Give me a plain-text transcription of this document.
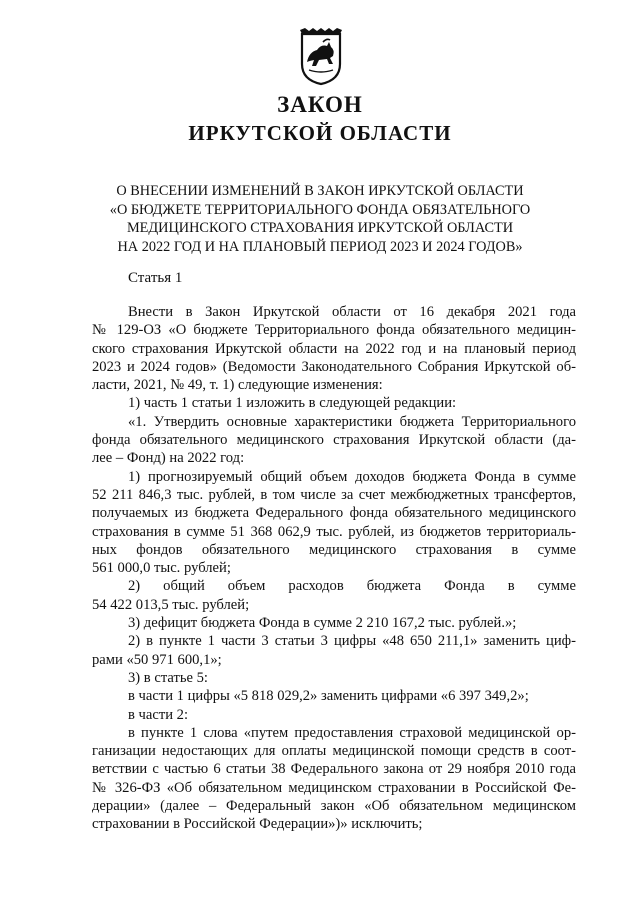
ЗАКОН
ИРКУТСКОЙ ОБЛАСТИ
О ВНЕСЕНИИ ИЗМЕНЕНИЙ В ЗАКОН ИРКУТСКОЙ ОБЛАСТИ
«О БЮДЖЕТЕ ТЕРРИТОРИАЛЬНОГО ФОНДА ОБЯЗАТЕЛЬНОГО
МЕДИЦИНСКОГО СТРАХОВАНИЯ ИРКУТСКОЙ ОБЛАСТИ
НА 2022 ГОД И НА ПЛАНОВЫЙ ПЕРИОД 2023 И 2024 ГОДОВ»
Статья 1
Внести в Закон Иркутской области от 16 декабря 2021 года
№ 129-ОЗ «О бюджете Территориального фонда обязательного медицин-
ского страхования Иркутской области на 2022 год и на плановый период
2023 и 2024 годов» (Ведомости Законодательного Собрания Иркутской об-
ласти, 2021, № 49, т. 1) следующие изменения:
1) часть 1 статьи 1 изложить в следующей редакции:
«1. Утвердить основные характеристики бюджета Территориального
фонда обязательного медицинского страхования Иркутской области (да-
лее – Фонд) на 2022 год:
1) прогнозируемый общий объем доходов бюджета Фонда в сумме
52 211 846,3 тыс. рублей, в том числе за счет межбюджетных трансфертов,
получаемых из бюджета Федерального фонда обязательного медицинского
страхования в сумме 51 368 062,9 тыс. рублей, из бюджетов территориаль-
ных фондов обязательного медицинского страхования в сумме
561 000,0 тыс. рублей;
2) общий объем расходов бюджета Фонда в сумме
54 422 013,5 тыс. рублей;
3) дефицит бюджета Фонда в сумме 2 210 167,2 тыс. рублей.»;
2) в пункте 1 части 3 статьи 3 цифры «48 650 211,1» заменить циф-
рами «50 971 600,1»;
3) в статье 5:
в части 1 цифры «5 818 029,2» заменить цифрами «6 397 349,2»;
в части 2:
в пункте 1 слова «путем предоставления страховой медицинской ор-
ганизации недостающих для оплаты медицинской помощи средств в соот-
ветствии с частью 6 статьи 38 Федерального закона от 29 ноября 2010 года
№ 326-ФЗ «Об обязательном медицинском страховании в Российской Фе-
дерации» (далее – Федеральный закон «Об обязательном медицинском
страховании в Российской Федерации»)» исключить;
